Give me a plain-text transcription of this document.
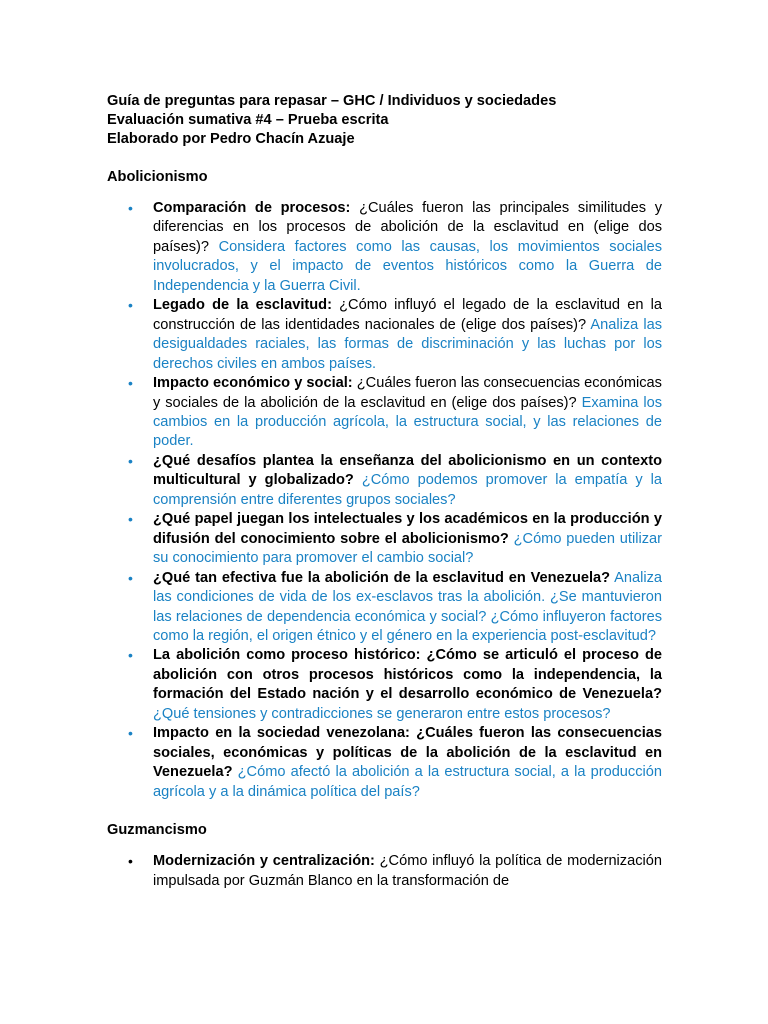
Guía de preguntas para repasar – GHC / Individuos y sociedades
Evaluación sumativa #4 – Prueba escrita
Elaborado por Pedro Chacín Azuaje
Abolicionismo
• Comparación de procesos: ¿Cuáles fueron las principales similitudes y diferencias en los procesos de abolición de la esclavitud en (elige dos países)? Considera factores como las causas, los movimientos sociales involucrados, y el impacto de eventos históricos como la Guerra de Independencia y la Guerra Civil.
• Legado de la esclavitud: ¿Cómo influyó el legado de la esclavitud en la construcción de las identidades nacionales de (elige dos países)? Analiza las desigualdades raciales, las formas de discriminación y las luchas por los derechos civiles en ambos países.
• Impacto económico y social: ¿Cuáles fueron las consecuencias económicas y sociales de la abolición de la esclavitud en (elige dos países)? Examina los cambios en la producción agrícola, la estructura social, y las relaciones de poder.
• ¿Qué desafíos plantea la enseñanza del abolicionismo en un contexto multicultural y globalizado? ¿Cómo podemos promover la empatía y la comprensión entre diferentes grupos sociales?
• ¿Qué papel juegan los intelectuales y los académicos en la producción y difusión del conocimiento sobre el abolicionismo? ¿Cómo pueden utilizar su conocimiento para promover el cambio social?
• ¿Qué tan efectiva fue la abolición de la esclavitud en Venezuela? Analiza las condiciones de vida de los ex-esclavos tras la abolición. ¿Se mantuvieron las relaciones de dependencia económica y social? ¿Cómo influyeron factores como la región, el origen étnico y el género en la experiencia post-esclavitud?
• La abolición como proceso histórico: ¿Cómo se articuló el proceso de abolición con otros procesos históricos como la independencia, la formación del Estado nación y el desarrollo económico de Venezuela? ¿Qué tensiones y contradicciones se generaron entre estos procesos?
• Impacto en la sociedad venezolana: ¿Cuáles fueron las consecuencias sociales, económicas y políticas de la abolición de la esclavitud en Venezuela? ¿Cómo afectó la abolición a la estructura social, a la producción agrícola y a la dinámica política del país?
Guzmancismo
• Modernización y centralización: ¿Cómo influyó la política de modernización impulsada por Guzmán Blanco en la transformación de
